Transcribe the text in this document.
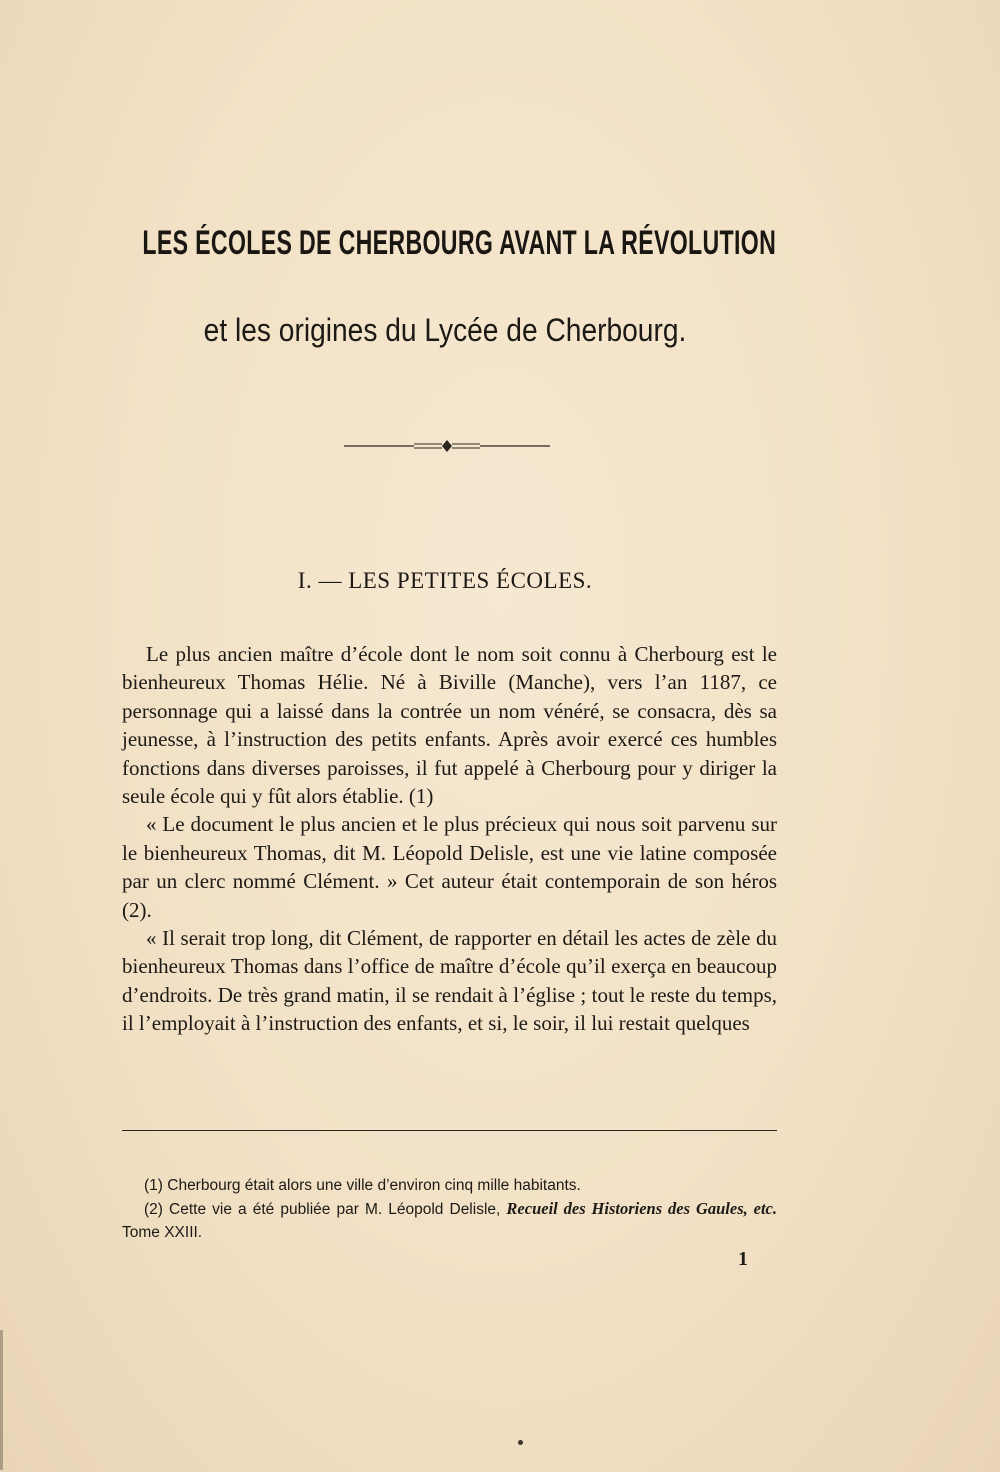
LES ÉCOLES DE CHERBOURG AVANT LA RÉVOLUTION
et les origines du Lycée de Cherbourg.
I. — LES PETITES ÉCOLES.

Le plus ancien maître d’école dont le nom soit connu à Cherbourg est le bienheureux Thomas Hélie. Né à Biville (Manche), vers l’an 1187, ce personnage qui a laissé dans la contrée un nom vénéré, se consacra, dès sa jeunesse, à l’instruction des petits enfants. Après avoir exercé ces humbles fonctions dans diverses paroisses, il fut appelé à Cherbourg pour y diriger la seule école qui y fût alors établie. (1)

« Le document le plus ancien et le plus précieux qui nous soit parvenu sur le bienheureux Thomas, dit M. Léopold Delisle, est une vie latine composée par un clerc nommé Clément. » Cet auteur était contemporain de son héros (2).

« Il serait trop long, dit Clément, de rapporter en détail les actes de zèle du bienheureux Thomas dans l’office de maître d’école qu’il exerça en beaucoup d’endroits. De très grand matin, il se rendait à l’église ; tout le reste du temps, il l’employait à l’instruction des enfants, et si, le soir, il lui restait quelques

(1) Cherbourg était alors une ville d’environ cinq mille habitants.

(2) Cette vie a été publiée par M. Léopold Delisle, Recueil des Historiens des Gaules, etc. Tome XXIII.

1
